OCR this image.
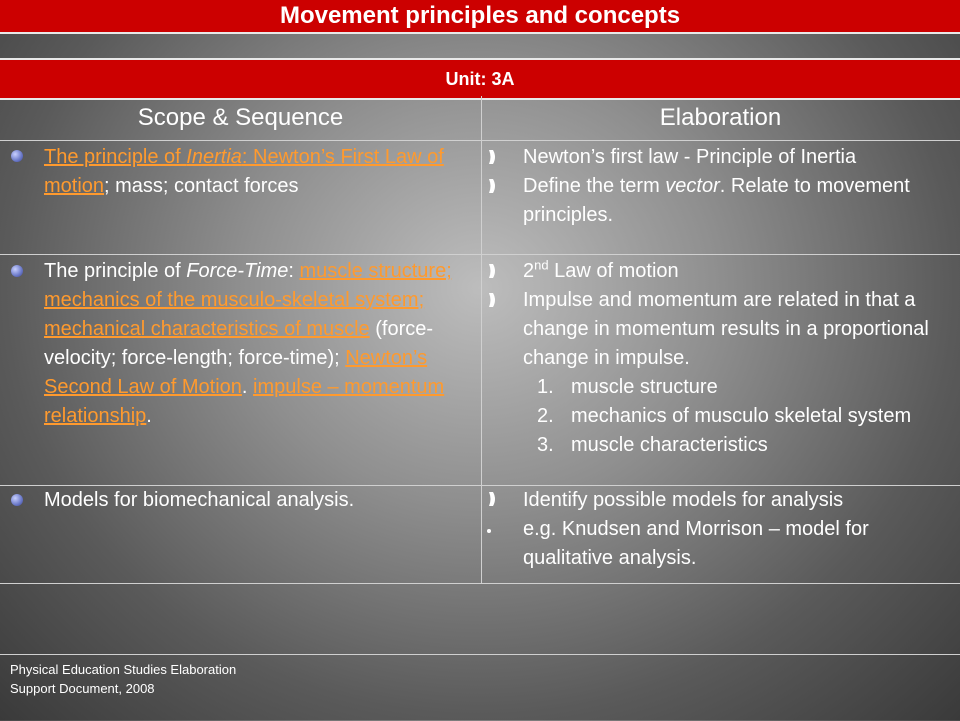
Movement principles and concepts
Unit: 3A
Scope & Sequence	Elaboration
The principle of Inertia: Newton’s First Law of motion; mass; contact forces
Newton’s first law - Principle of Inertia
Define the term vector. Relate to movement principles.
The principle of Force-Time: muscle structure; mechanics of the musculo-skeletal system; mechanical characteristics of muscle (force-velocity; force-length; force-time); Newton’s Second Law of Motion. impulse – momentum relationship.
2nd Law of motion
Impulse and momentum are related in that a change in momentum results in a proportional change in impulse.
1. muscle structure
2. mechanics of musculo skeletal system
3. muscle characteristics
Models for biomechanical analysis.	Identify possible models for analysis
e.g. Knudsen and Morrison – model for qualitative analysis.
Physical Education Studies Elaboration
Support Document, 2008
